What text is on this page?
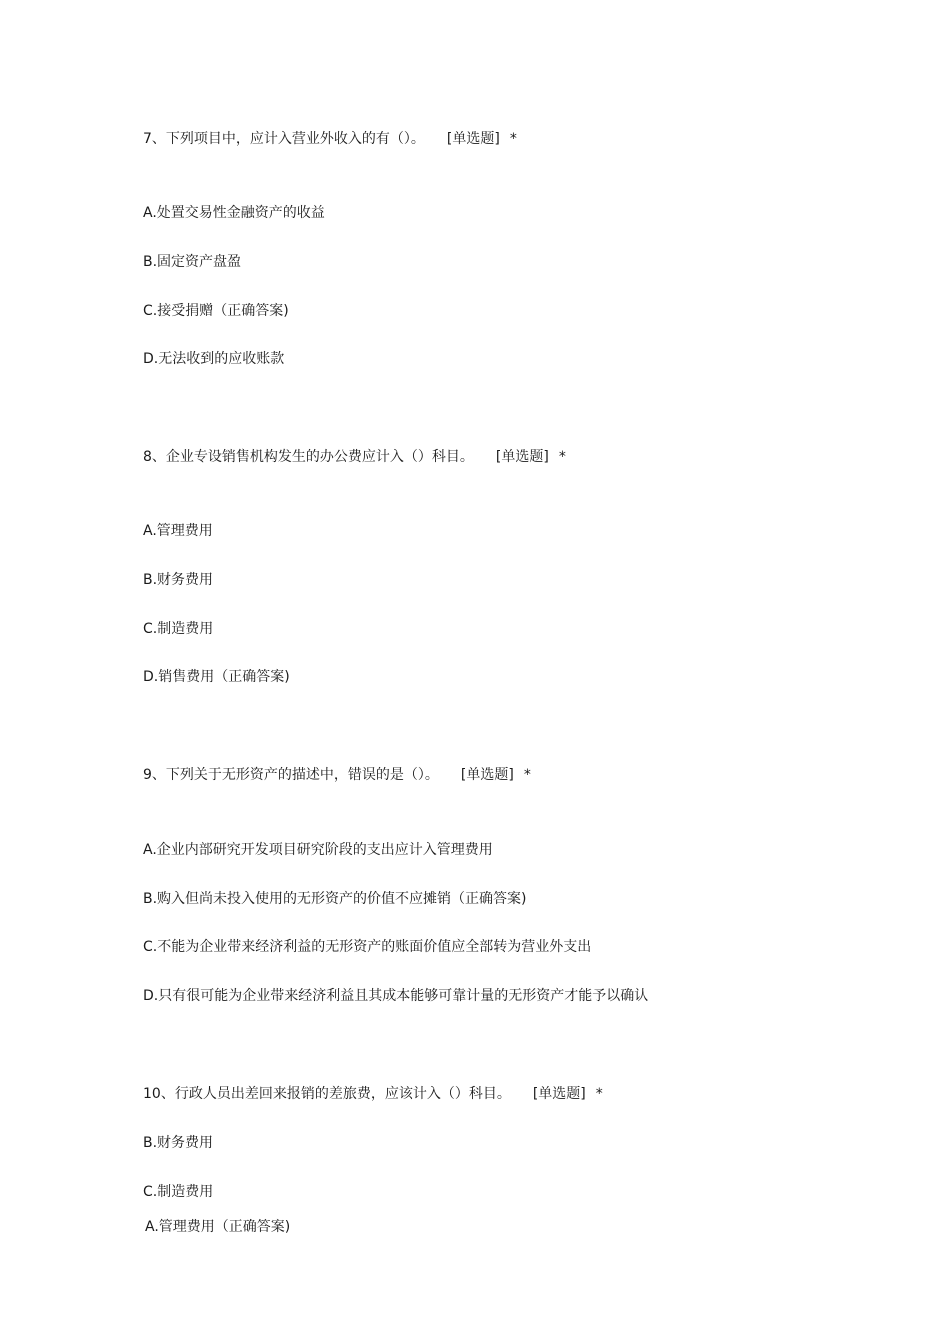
7、下列项目中，应计入营业外收入的有（）。 [单选题] *
A.处置交易性金融资产的收益
B.固定资产盘盈
C.接受捐赠（正确答案)
D.无法收到的应收账款
8、企业专设销售机构发生的办公费应计入（）科目。 [单选题] *
A.管理费用
B.财务费用
C.制造费用
D.销售费用（正确答案)
9、下列关于无形资产的描述中，错误的是（）。 [单选题] *
A.企业内部研究开发项目研究阶段的支出应计入管理费用
B.购入但尚未投入使用的无形资产的价值不应摊销（正确答案)
C.不能为企业带来经济利益的无形资产的账面价值应全部转为营业外支出
D.只有很可能为企业带来经济利益且其成本能够可靠计量的无形资产才能予以确认
10、行政人员出差回来报销的差旅费，应该计入（）科目。 [单选题] *
B.财务费用
C.制造费用
A.管理费用（正确答案)
